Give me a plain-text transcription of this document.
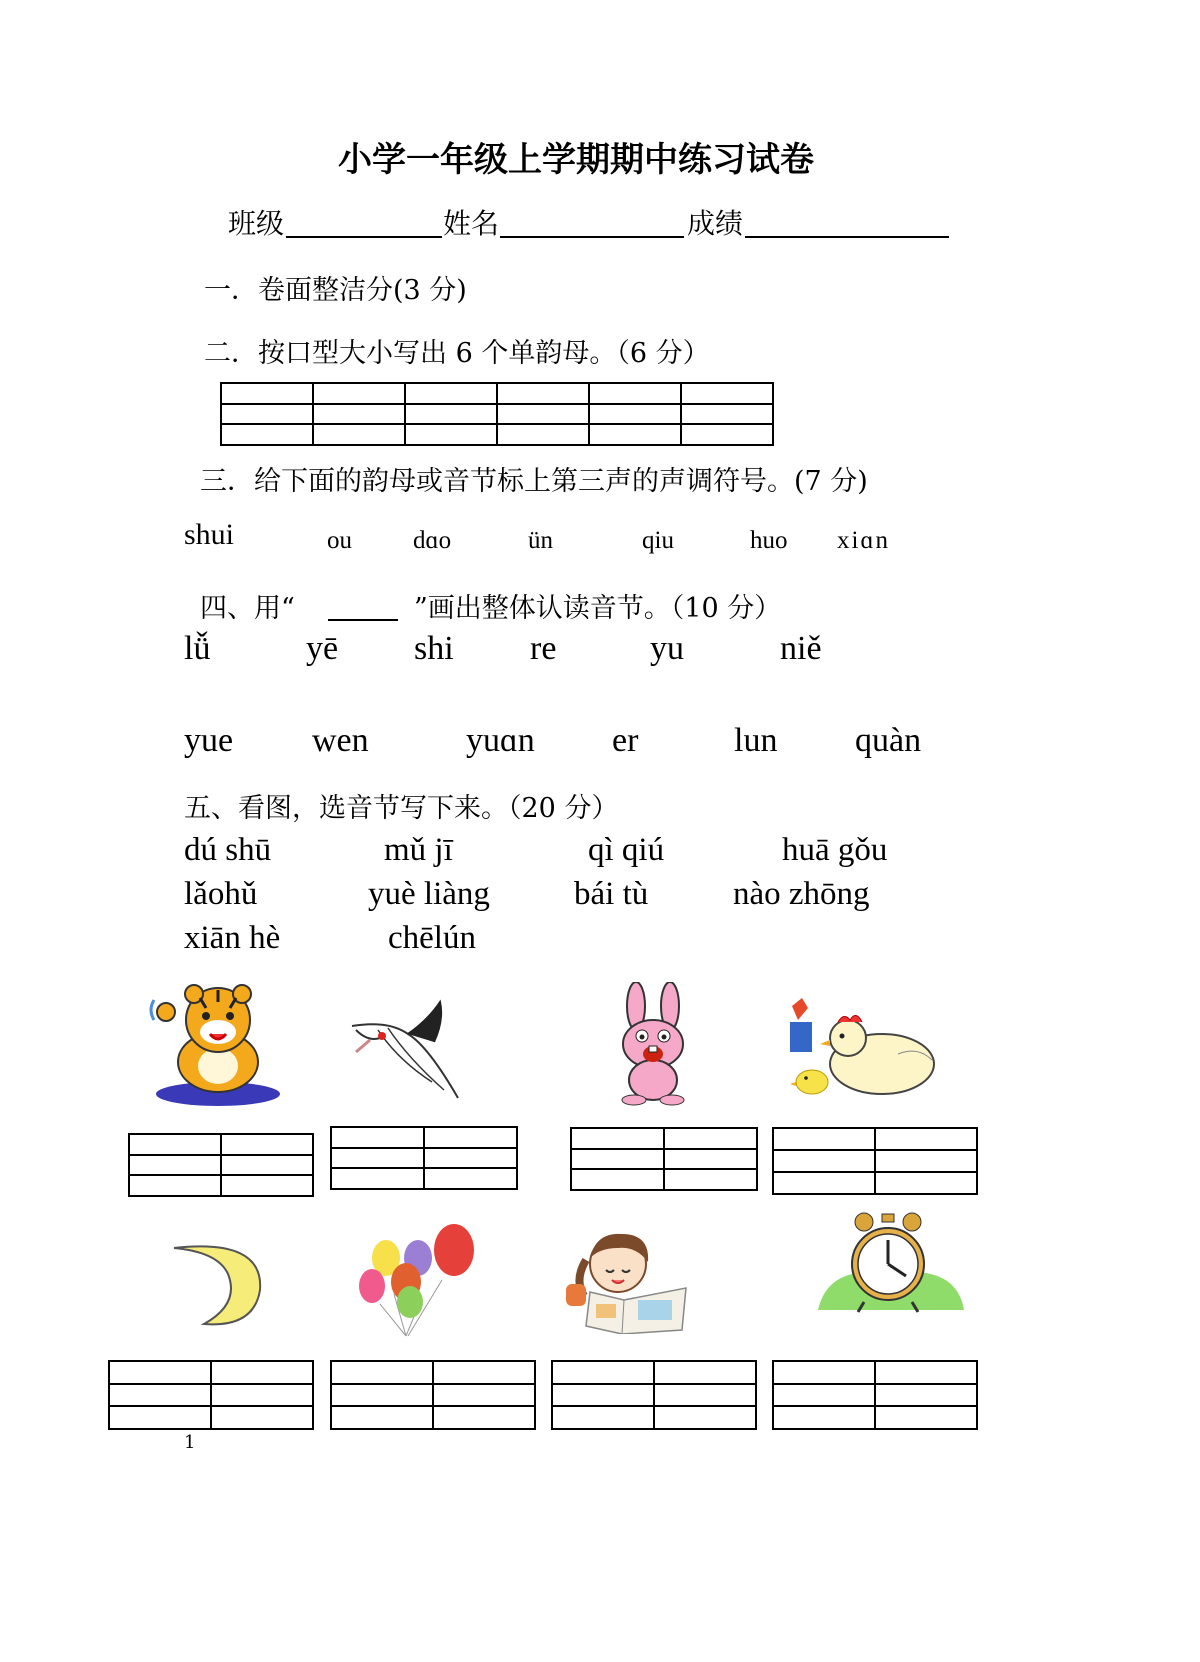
小学一年级上学期期中练习试卷
班级	姓名	成绩
一．卷面整洁分(3 分)
二．按口型大小写出 6 个单韵母。（6 分）

三．给下面的韵母或音节标上第三声的声调符号。(7 分)
shui	ou dɑo	ün	qiu	huo xiɑn
四、用“	”画出整体认读音节。（10 分）
lǚ	yē shi re	yu	niě
yue wen	yuɑn er	lun quàn
五、看图，选音节写下来。（20 分）
dú shū	mǔ jī	qì qiú	huā gǒu
lǎohǔ	yuè liàng	bái tù	nào zhōng
xiān hè	chēlún

1
